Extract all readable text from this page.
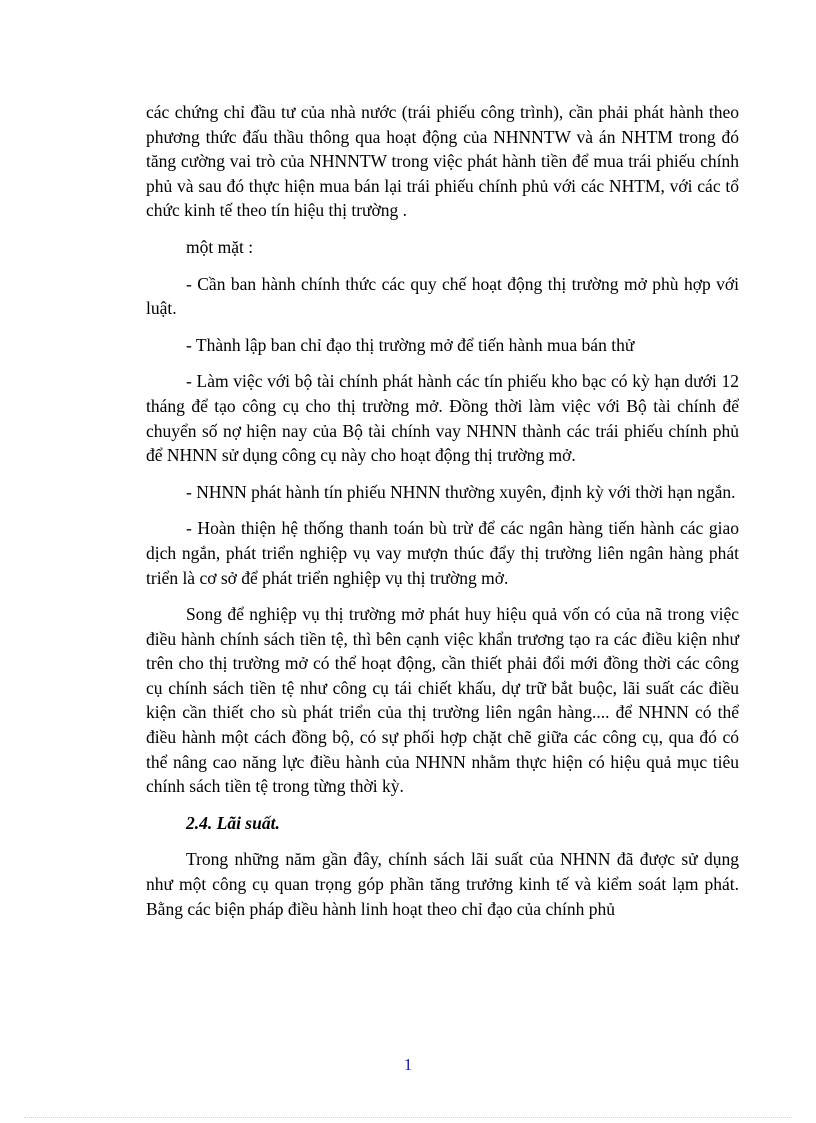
các chứng chỉ đầu tư của nhà nước (trái phiếu công trình), cần phải phát hành theo phương thức đấu thầu thông qua hoạt động của NHNNTW và án NHTM trong đó tăng cường vai trò của NHNNTW trong việc phát hành tiền để mua trái phiếu chính phủ và sau đó thực hiện mua bán lại trái phiếu chính phủ với các NHTM, với các tổ chức kinh tế theo tín hiệu thị trường .

một mặt :

- Cần ban hành chính thức các quy chế hoạt động thị trường mở phù hợp với luật.

- Thành lập ban chỉ đạo thị trường mở để tiến hành mua bán thử

- Làm việc với bộ tài chính phát hành các tín phiếu kho bạc có kỳ hạn dưới 12 tháng để tạo công cụ cho thị trường mở. Đồng thời làm việc với Bộ tài chính để chuyển số nợ hiện nay của Bộ tài chính vay NHNN thành các trái phiếu chính phủ để NHNN sử dụng công cụ này cho hoạt động thị trường mở.

- NHNN phát hành tín phiếu NHNN thường xuyên, định kỳ với thời hạn ngắn.

- Hoàn thiện hệ thống thanh toán bù trừ để các ngân hàng tiến hành các giao dịch ngắn, phát triển nghiệp vụ vay mượn thúc đẩy thị trường liên ngân hàng phát triển là cơ sở để phát triển nghiệp vụ thị trường mở.

Song để nghiệp vụ thị trường mở phát huy hiệu quả vốn có của nã trong việc điều hành chính sách tiền tệ, thì bên cạnh việc khẩn trương tạo ra các điều kiện như trên cho thị trường mở có thể hoạt động, cần thiết phải đổi mới đồng thời các công cụ chính sách tiền tệ như công cụ tái chiết khấu, dự trữ bắt buộc, lãi suất các điều kiện cần thiết cho sù phát triển của thị trường liên ngân hàng.... để NHNN có thể điều hành một cách đồng bộ, có sự phối hợp chặt chẽ giữa các công cụ, qua đó có thể nâng cao năng lực điều hành của NHNN nhằm thực hiện có hiệu quả mục tiêu chính sách tiền tệ trong từng thời kỳ.

2.4. Lãi suất.

Trong những năm gần đây, chính sách lãi suất của NHNN đã được sử dụng như một công cụ quan trọng góp phần tăng trưởng kinh tế và kiểm soát lạm phát. Bằng các biện pháp điều hành linh hoạt theo chỉ đạo của chính phủ

1
